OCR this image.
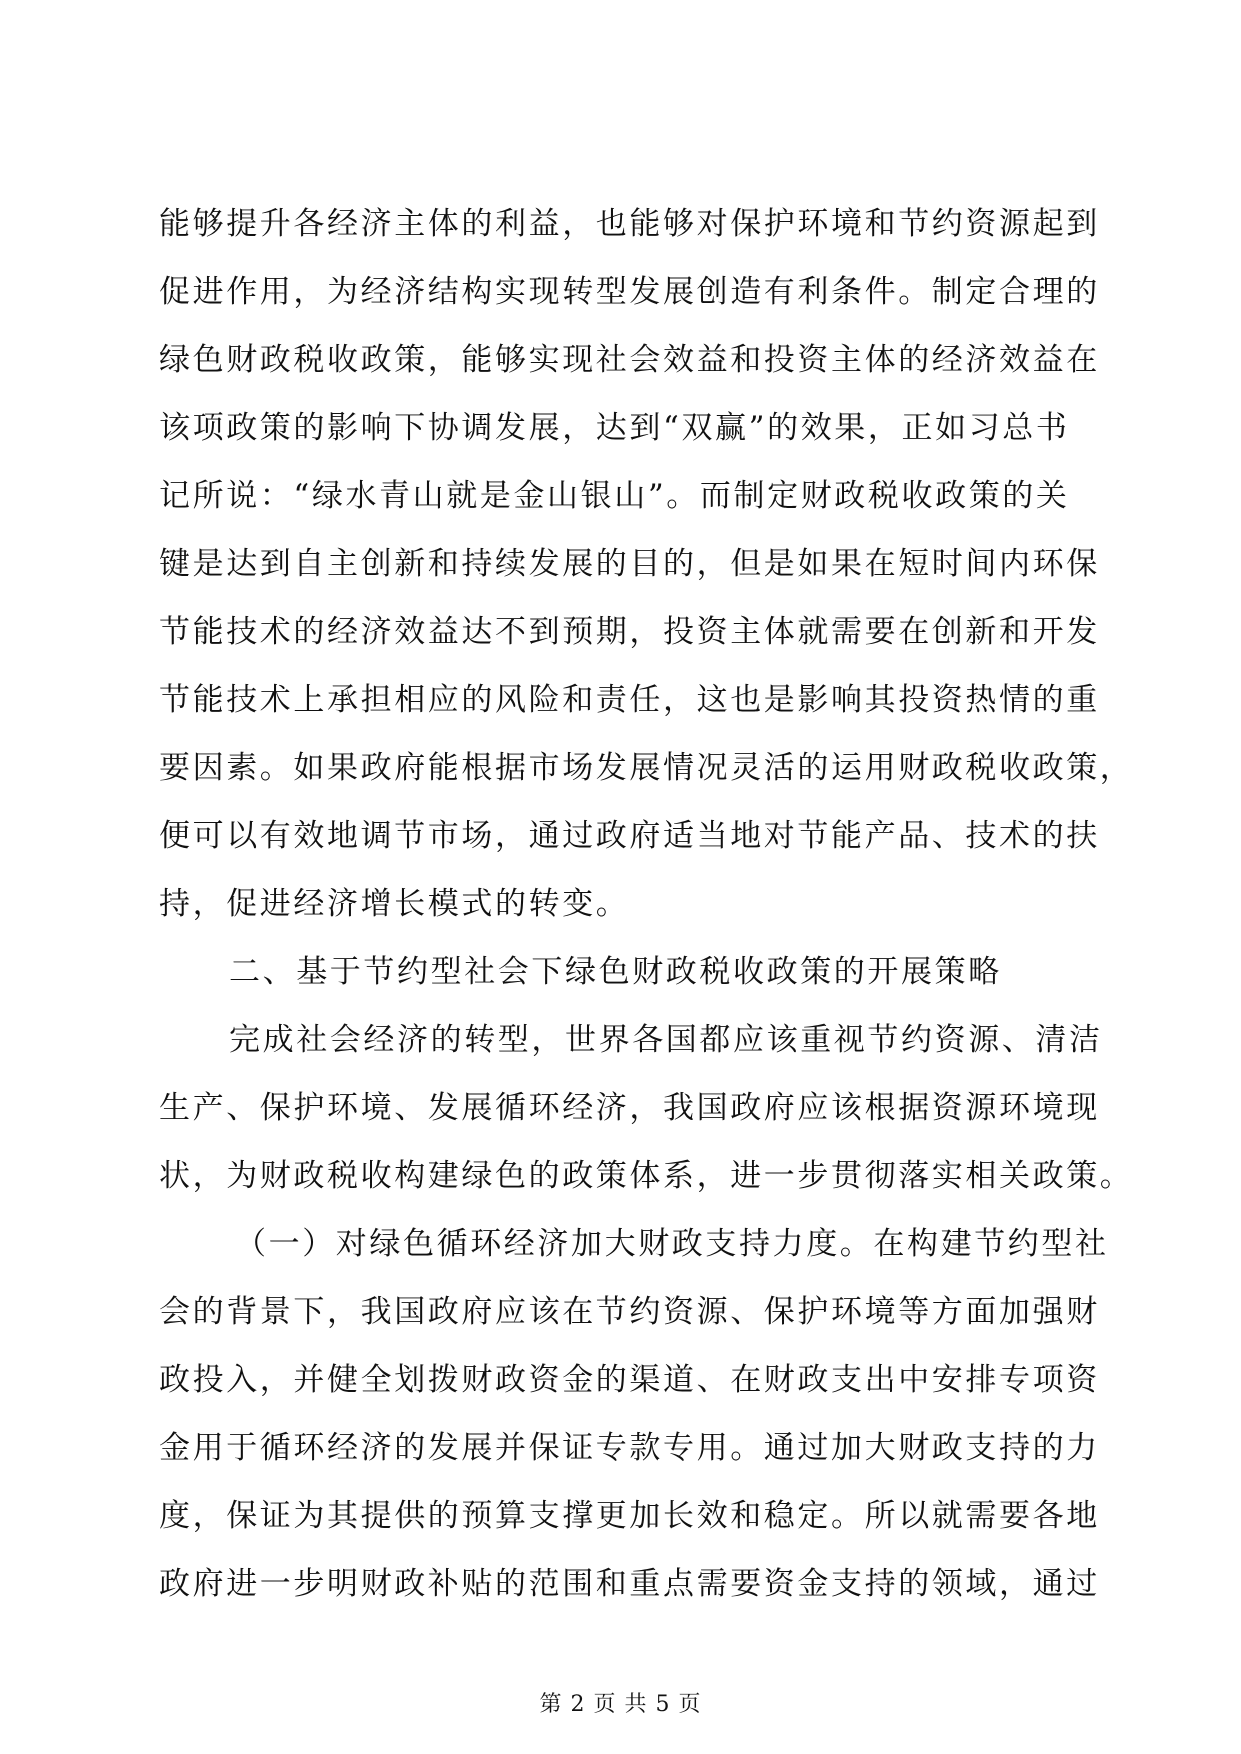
能够提升各经济主体的利益，也能够对保护环境和节约资源起到
促进作用，为经济结构实现转型发展创造有利条件。制定合理的
绿色财政税收政策，能够实现社会效益和投资主体的经济效益在
该项政策的影响下协调发展，达到“双赢”的效果，正如习总书
记所说：“绿水青山就是金山银山”。而制定财政税收政策的关
键是达到自主创新和持续发展的目的，但是如果在短时间内环保
节能技术的经济效益达不到预期，投资主体就需要在创新和开发
节能技术上承担相应的风险和责任，这也是影响其投资热情的重
要因素。如果政府能根据市场发展情况灵活的运用财政税收政策，
便可以有效地调节市场，通过政府适当地对节能产品、技术的扶
持，促进经济增长模式的转变。
二、基于节约型社会下绿色财政税收政策的开展策略
完成社会经济的转型，世界各国都应该重视节约资源、清洁
生产、保护环境、发展循环经济，我国政府应该根据资源环境现
状，为财政税收构建绿色的政策体系，进一步贯彻落实相关政策。
（一）对绿色循环经济加大财政支持力度。在构建节约型社
会的背景下，我国政府应该在节约资源、保护环境等方面加强财
政投入，并健全划拨财政资金的渠道、在财政支出中安排专项资
金用于循环经济的发展并保证专款专用。通过加大财政支持的力
度，保证为其提供的预算支撑更加长效和稳定。所以就需要各地
政府进一步明财政补贴的范围和重点需要资金支持的领域，通过
第 2 页 共 5 页
